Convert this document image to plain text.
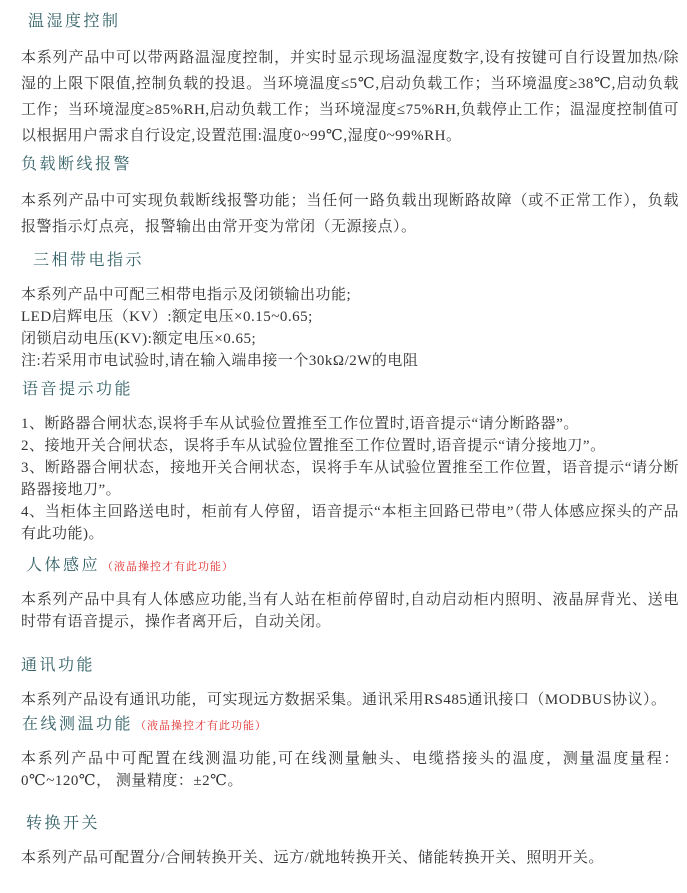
温湿度控制

本系列产品中可以带两路温湿度控制，并实时显示现场温湿度数字,设有按键可自行设置加热/除湿的上限下限值,控制负载的投退。当环境温度≤5℃,启动负载工作；当环境温度≥38℃,启动负载工作；当环境湿度≥85%RH,启动负载工作；当环境湿度≤75%RH,负载停止工作；温湿度控制值可以根据用户需求自行设定,设置范围:温度0~99℃,湿度0~99%RH。

负载断线报警

本系列产品中可实现负载断线报警功能；当任何一路负载出现断路故障（或不正常工作），负载报警指示灯点亮，报警输出由常开变为常闭（无源接点）。

三相带电指示

本系列产品中可配三相带电指示及闭锁输出功能;

LED启辉电压（KV）:额定电压×0.15~0.65;

闭锁启动电压(KV):额定电压×0.65;

注:若采用市电试验时,请在输入端串接一个30kΩ/2W的电阻

语音提示功能

1、断路器合闸状态,误将手车从试验位置推至工作位置时,语音提示“请分断路器”。

2、接地开关合闸状态，误将手车从试验位置推至工作位置时,语音提示“请分接地刀”。

3、断路器合闸状态，接地开关合闸状态，误将手车从试验位置推至工作位置，语音提示“请分断路器接地刀”。

4、当柜体主回路送电时，柜前有人停留，语音提示“本柜主回路已带电”（带人体感应探头的产品有此功能)。

人体感应 （液晶操控才有此功能）

本系列产品中具有人体感应功能,当有人站在柜前停留时,自动启动柜内照明、液晶屏背光、送电时带有语音提示，操作者离开后，自动关闭。

通讯功能

本系列产品设有通讯功能，可实现远方数据采集。通讯采用RS485通讯接口（MODBUS协议）。

在线测温功能 （液晶操控才有此功能）

本系列产品中可配置在线测温功能,可在线测量触头、电缆搭接头的温度，测量温度量程：0℃~120℃， 测量精度：±2℃。

转换开关

本系列产品可配置分/合闸转换开关、远方/就地转换开关、储能转换开关、照明开关。
